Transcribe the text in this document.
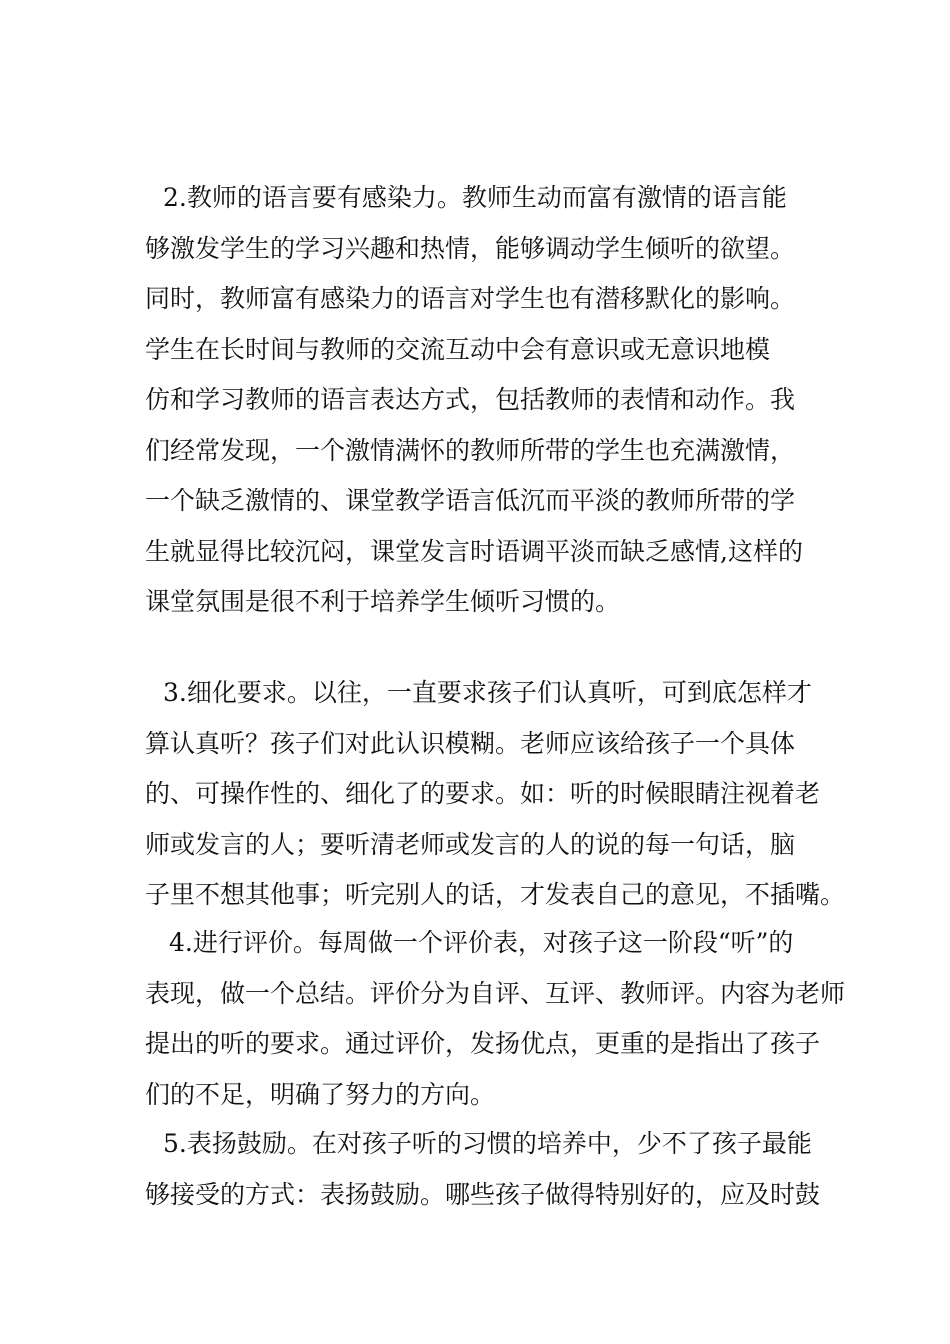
2.教师的语言要有感染力。教师生动而富有激情的语言能
够激发学生的学习兴趣和热情，能够调动学生倾听的欲望。
同时，教师富有感染力的语言对学生也有潜移默化的影响。
学生在长时间与教师的交流互动中会有意识或无意识地模
仿和学习教师的语言表达方式，包括教师的表情和动作。我
们经常发现，一个激情满怀的教师所带的学生也充满激情，
一个缺乏激情的、课堂教学语言低沉而平淡的教师所带的学
生就显得比较沉闷，课堂发言时语调平淡而缺乏感情,这样的
课堂氛围是很不利于培养学生倾听习惯的。
3.细化要求。以往，一直要求孩子们认真听，可到底怎样才
算认真听？孩子们对此认识模糊。老师应该给孩子一个具体
的、可操作性的、细化了的要求。如：听的时候眼睛注视着老
师或发言的人；要听清老师或发言的人的说的每一句话，脑
子里不想其他事；听完别人的话，才发表自己的意见，不插嘴。
4.进行评价。每周做一个评价表，对孩子这一阶段“听”的
表现，做一个总结。评价分为自评、互评、教师评。内容为老师
提出的听的要求。通过评价，发扬优点，更重的是指出了孩子
们的不足，明确了努力的方向。
5.表扬鼓励。在对孩子听的习惯的培养中，少不了孩子最能
够接受的方式：表扬鼓励。哪些孩子做得特别好的，应及时鼓
